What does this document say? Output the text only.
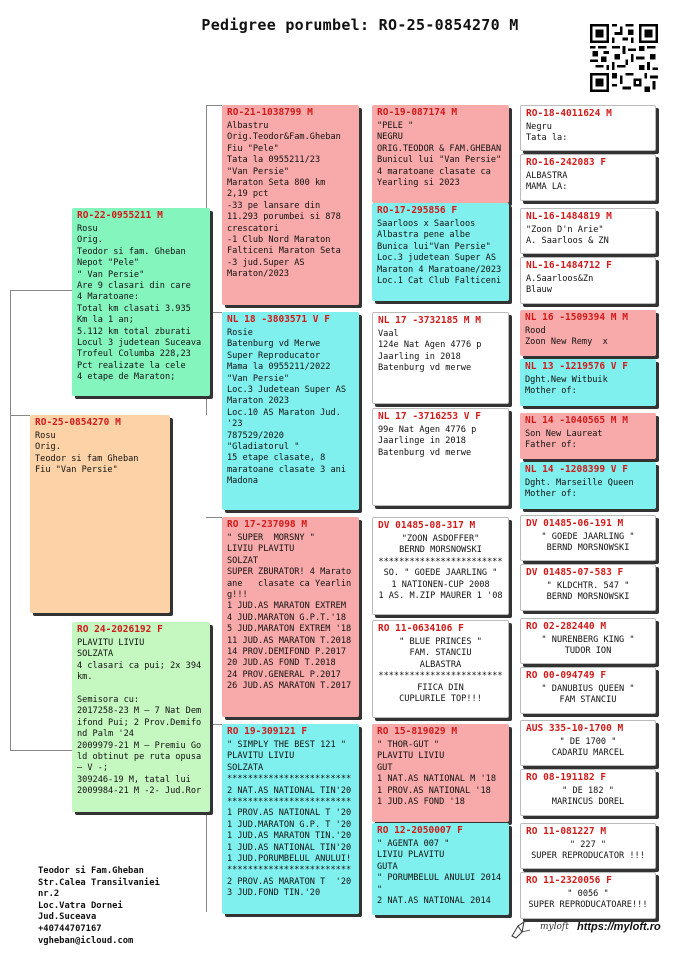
Pedigree porumbel: RO-25-0854270 M
RO-25-0854270 M
Rosu
Orig.
Teodor si fam Gheban
Fiu "Van Persie"
RO-22-0955211 M
Rosu
Orig.
Teodor si fam. Gheban
Nepot "Pele"
" Van Persie"
Are 9 clasari din care
4 Maratoane:
Total km clasati 3.935
Km la 1 an;
5.112 km total zburati
Locul 3 judetean Suceava
Trofeul Columba 228,23
Pct realizate la cele
4 etape de Maraton;
RO 24-2026192 F
PLAVITU LIVIU
SOLZATA
4 clasari ca pui; 2x 394
km.

Semisora cu:
2017258-23 M – 7 Nat Dem
ifond Pui; 2 Prov.Demifo
nd Palm '24
2009979-21 M – Premiu Go
ld obtinut pe ruta opusa
– V -;
309246-19 M, tatal lui
2009984-21 M -2- Jud.Ror
RO-21-1038799 M
Albastru
Orig.Teodor&Fam.Gheban
Fiu "Pele"
Tata la 0955211/23
"Van Persie"
Maraton Seta 800 km
2,19 pct
-33 pe lansare din
11.293 porumbei si 878
crescatori
-1 Club Nord Maraton
Falticeni Maraton Seta
-3 jud.Super AS
Maraton/2023
NL 18 -3803571 V F
Rosie
Batenburg vd Merwe
Super Reproducator
Mama la 0955211/2022
"Van Persie"
Loc.3 Judetean Super AS
Maraton 2023
Loc.10 AS Maraton Jud.
'23
787529/2020
"Gladiatorul "
15 etape clasate, 8
maratoane clasate 3 ani
Madona
RO 17-237098 M
" SUPER  MORSNY "
LIVIU PLAVITU
SOLZAT
SUPER ZBURATOR! 4 Marato
ane   clasate ca Yearlin
g!!!
1 JUD.AS MARATON EXTREM
4 JUD.MARATON G.P.T.'18
5 JUD.MARATON EXTREM '18
11 JUD.AS MARATON T.2018
14 PROV.DEMIFOND P.2017
20 JUD.AS FOND T.2018
24 PROV.GENERAL P.2017
26 JUD.AS MARATON T.2017
RO 19-309121 F
" SIMPLY THE BEST 121 "
PLAVITU LIVIU
SOLZATA
************************
2 NAT.AS NATIONAL TIN'20
************************
1 PROV.AS NATIONAL T '20
1 JUD.MARATON G.P. T '20
1 JUD.AS MARATON TIN.'20
1 JUD.AS NATIONAL TIN'20
1 JUD.PORUMBELUL ANULUI!
************************
2 PROV.AS MARATON T  '20
3 JUD.FOND TIN.'20
RO-19-087174 M
"PELE "
NEGRU
ORIG.TEODOR & FAM.GHEBAN
Bunicul lui "Van Persie"
4 maratoane clasate ca
Yearling si 2023
RO-17-295856 F
Saarloos x Saarloos
Albastra pene albe
Bunica lui"Van Persie"
Loc.3 judetean Super AS
Maraton 4 Maratoane/2023
Loc.1 Cat Club Falticeni
NL 17 -3732185 M M
Vaal
124e Nat Agen 4776 p
Jaarling in 2018
Batenburg vd merwe
NL 17 -3716253 V F
99e Nat Agen 4776 p
Jaarlinge in 2018
Batenburg vd merwe
DV 01485-08-317 M
"ZOON ASDOFFER"
BERND MORSNOWSKI
************************
SO. " GOEDE JAARLING "
1 NATIONEN-CUP 2008
1 AS. M.ZIP MAURER 1 '08
RO 11-0634106 F
" BLUE PRINCES "
FAM. STANCIU
ALBASTRA
************************
FIICA DIN
CUPLURILE TOP!!!
RO 15-819029 M
" THOR-GUT "
PLAVITU LIVIU
GUT
1 NAT.AS NATIONAL M '18
1 PROV.AS NATIONAL '18
1 JUD.AS FOND '18
RO 12-2050007 F
" AGENTA 007 "
LIVIU PLAVITU
GUTA
" PORUMBELUL ANULUI 2014
"
2 NAT.AS NATIONAL 2014
RO-18-4011624 M
Negru
Tata la:
RO-16-242083 F
ALBASTRA
MAMA LA:
NL-16-1484819 M
"Zoon D'n Arie"
A. Saarloos & ZN
NL-16-1484712 F
A.Saarloos&Zn
Blauw
NL 16 -1509394 M M
Rood
Zoon New Remy  x
NL 13 -1219576 V F
Dght.New Witbuik
Mother of:
NL 14 -1040565 M M
Son New Laureat
Father of:
NL 14 -1208399 V F
Dght. Marseille Queen
Mother of:
DV 01485-06-191 M
" GOEDE JAARLING "
BERND MORSNOWSKI
DV 01485-07-583 F
" KLDCHTR. 547 "
BERND MORSNOWSKI
RO 02-282440 M
" NURENBERG KING "
TUDOR ION
RO 00-094749 F
" DANUBIUS QUEEN "
FAM STANCIU
AUS 335-10-1700 M
" DE 1700 "
CADARIU MARCEL
RO 08-191182 F
" DE 182 "
MARINCUS DOREL
RO 11-081227 M
" 227 "
SUPER REPRODUCATOR !!!
RO 11-2320056 F
" 0056 "
SUPER REPRODUCATOARE!!!
Teodor si Fam.Gheban
Str.Calea Transilvaniei
nr.2
Loc.Vatra Dornei
Jud.Suceava
+40744707167
vgheban@icloud.com
myloft https://myloft.ro
